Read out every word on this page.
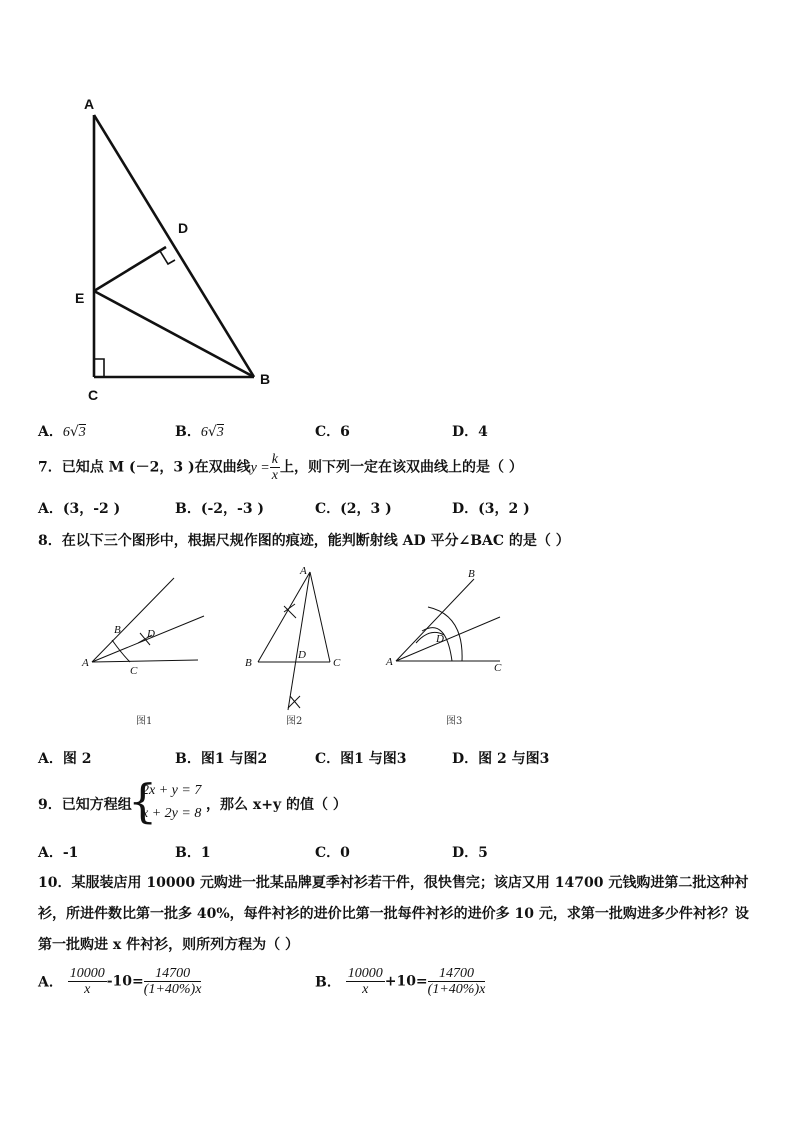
A
D
E
C
B
A．6√3	B．6√3	C．6	D．4
7．已知点 M (－2，3 )在双曲线$y = \frac{k}{x}$ 上，则下列一定在该双曲线上的是（ ）
A．(3，-2 )	B．(-2，-3 )	C．(2，3 )	D．(3，2 )
8．在以下三个图形中，根据尺规作图的痕迹，能判断射线 AD 平分∠BAC 的是（ ）
A
B D
C
图1
A
B
D
C
图2
A
B
D
C
图3
A．图 2	B．图1 与图2	C．图1 与图3	D．图 2 与图3
9．已知方程组
{
2x + y = 7
x + 2y = 8
，那么 x+y 的值（ ）
A．-1	B．1	C．0	D．5
10．某服装店用 10000 元购进一批某品牌夏季衬衫若干件，很快售完；该店又用 14700 元钱购进第二批这种衬衫，所进件数比第一批多 40%，每件衬衫的进价比第一批每件衬衫的进价多 10 元，求第一批购进多少件衬衫？设第一批购进 x 件衬衫，则所列方程为（ ）
A． $\frac{10000}{x} -10= \frac{14700}{(1+40\%)x}$	B． $\frac{10000}{x} +10= \frac{14700}{(1+40\%)x}$
